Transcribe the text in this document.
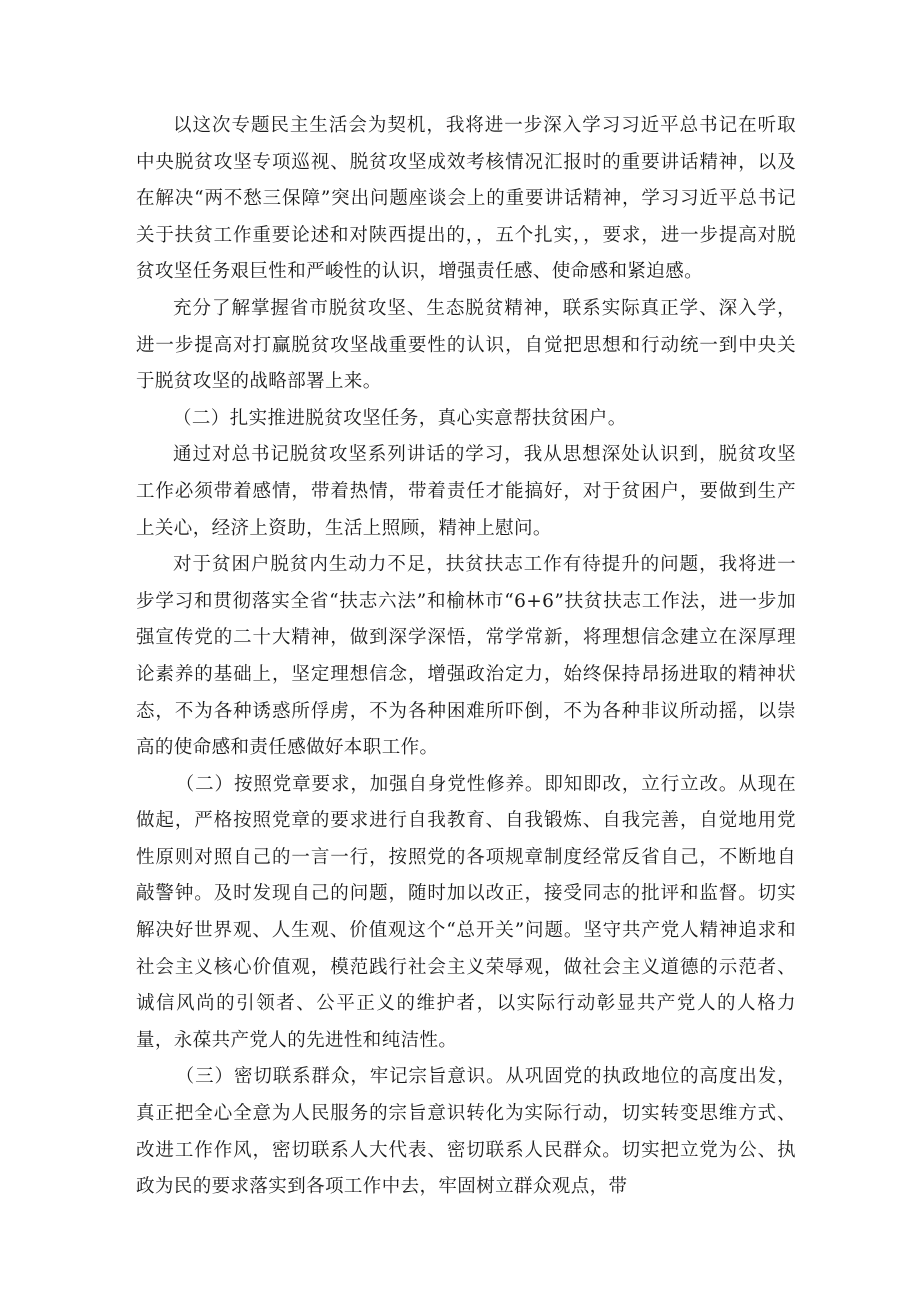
以这次专题民主生活会为契机，我将进一步深入学习习近平总书记在听取中央脱贫攻坚专项巡视、脱贫攻坚成效考核情况汇报时的重要讲话精神，以及在解决“两不愁三保障”突出问题座谈会上的重要讲话精神，学习习近平总书记关于扶贫工作重要论述和对陕西提出的，，五个扎实，，要求，进一步提高对脱贫攻坚任务艰巨性和严峻性的认识，增强责任感、使命感和紧迫感。

充分了解掌握省市脱贫攻坚、生态脱贫精神，联系实际真正学、深入学，进一步提高对打赢脱贫攻坚战重要性的认识，自觉把思想和行动统一到中央关于脱贫攻坚的战略部署上来。

（二）扎实推进脱贫攻坚任务，真心实意帮扶贫困户。

通过对总书记脱贫攻坚系列讲话的学习，我从思想深处认识到，脱贫攻坚工作必须带着感情，带着热情，带着责任才能搞好，对于贫困户，要做到生产上关心，经济上资助，生活上照顾，精神上慰问。

对于贫困户脱贫内生动力不足，扶贫扶志工作有待提升的问题，我将进一步学习和贯彻落实全省“扶志六法”和榆林市“6+6”扶贫扶志工作法，进一步加强宣传党的二十大精神，做到深学深悟，常学常新，将理想信念建立在深厚理论素养的基础上，坚定理想信念，增强政治定力，始终保持昂扬进取的精神状态，不为各种诱惑所俘虏，不为各种困难所吓倒，不为各种非议所动摇，以崇高的使命感和责任感做好本职工作。

（二）按照党章要求，加强自身党性修养。即知即改，立行立改。从现在做起，严格按照党章的要求进行自我教育、自我锻炼、自我完善，自觉地用党性原则对照自己的一言一行，按照党的各项规章制度经常反省自己，不断地自敲警钟。及时发现自己的问题，随时加以改正，接受同志的批评和监督。切实解决好世界观、人生观、价值观这个“总开关”问题。坚守共产党人精神追求和社会主义核心价值观，模范践行社会主义荣辱观，做社会主义道德的示范者、诚信风尚的引领者、公平正义的维护者，以实际行动彰显共产党人的人格力量，永葆共产党人的先进性和纯洁性。

（三）密切联系群众，牢记宗旨意识。从巩固党的执政地位的高度出发，真正把全心全意为人民服务的宗旨意识转化为实际行动，切实转变思维方式、改进工作作风，密切联系人大代表、密切联系人民群众。切实把立党为公、执政为民的要求落实到各项工作中去，牢固树立群众观点，带
